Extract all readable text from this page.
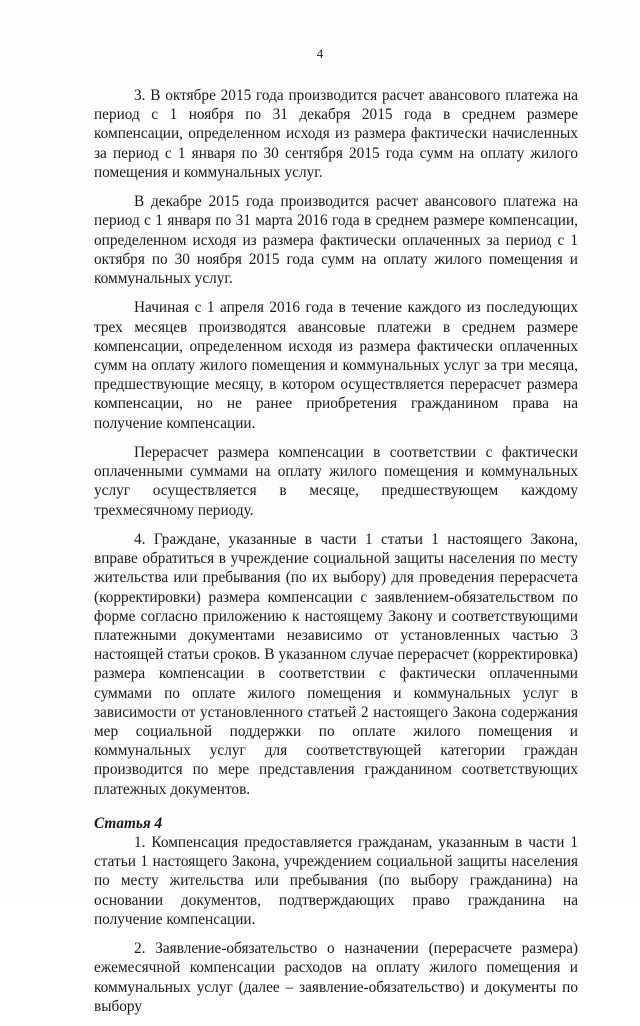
4

3. В октябре 2015 года производится расчет авансового платежа на период с 1 ноября по 31 декабря 2015 года в среднем размере компенсации, определенном исходя из размера фактически начисленных за период с 1 января по 30 сентября 2015 года сумм на оплату жилого помещения и коммунальных услуг.

В декабре 2015 года производится расчет авансового платежа на период с 1 января по 31 марта 2016 года в среднем размере компенсации, определенном исходя из размера фактически оплаченных за период с 1 октября по 30 ноября 2015 года сумм на оплату жилого помещения и коммунальных услуг.

Начиная с 1 апреля 2016 года в течение каждого из последующих трех месяцев производятся авансовые платежи в среднем размере компенсации, определенном исходя из размера фактически оплаченных сумм на оплату жилого помещения и коммунальных услуг за три месяца, предшествующие месяцу, в котором осуществляется перерасчет размера компенсации, но не ранее приобретения гражданином права на получение компенсации.

Перерасчет размера компенсации в соответствии с фактически оплаченными суммами на оплату жилого помещения и коммунальных услуг осуществляется в месяце, предшествующем каждому трехмесячному периоду.

4. Граждане, указанные в части 1 статьи 1 настоящего Закона, вправе обратиться в учреждение социальной защиты населения по месту жительства или пребывания (по их выбору) для проведения перерасчета (корректировки) размера компенсации с заявлением-обязательством по форме согласно приложению к настоящему Закону и соответствующими платежными документами независимо от установленных частью 3 настоящей статьи сроков. В указанном случае перерасчет (корректировка) размера компенсации в соответствии с фактически оплаченными суммами по оплате жилого помещения и коммунальных услуг в зависимости от установленного статьей 2 настоящего Закона содержания мер социальной поддержки по оплате жилого помещения и коммунальных услуг для соответствующей категории граждан производится по мере представления гражданином соответствующих платежных документов.

Статья 4

1. Компенсация предоставляется гражданам, указанным в части 1 статьи 1 настоящего Закона, учреждением социальной защиты населения по месту жительства или пребывания (по выбору гражданина) на основании документов, подтверждающих право гражданина на получение компенсации.

2. Заявление-обязательство о назначении (перерасчете размера) ежемесячной компенсации расходов на оплату жилого помещения и коммунальных услуг (далее – заявление-обязательство) и документы по выбору
